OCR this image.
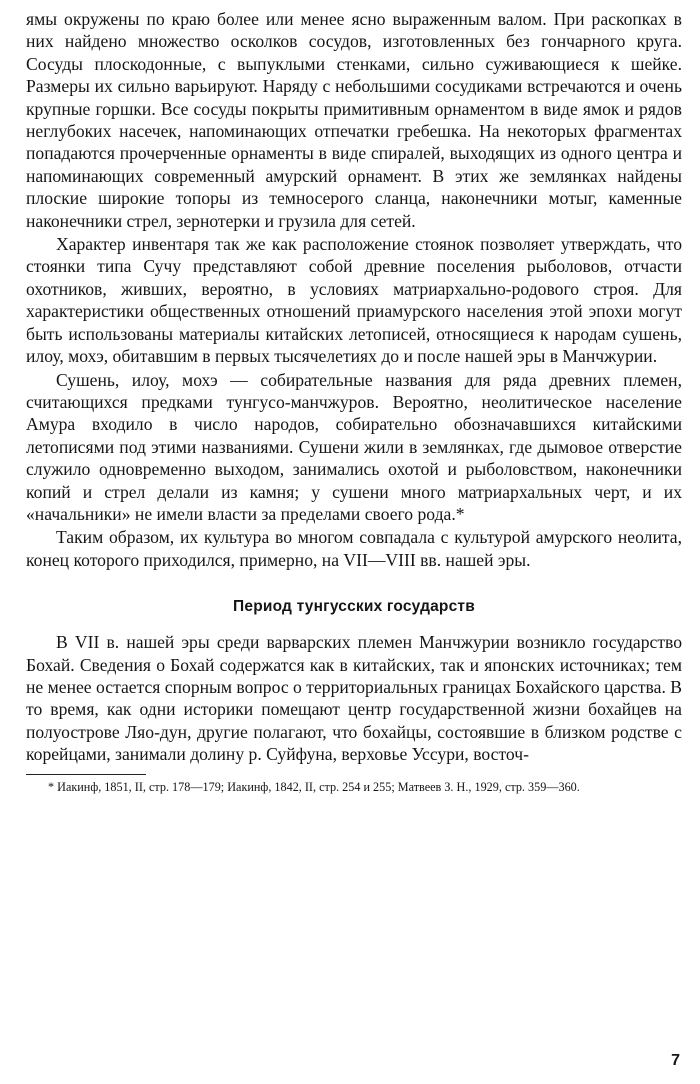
ямы окружены по краю более или менее ясно выраженным валом. При раскопках в них найдено множество осколков сосудов, изготовленных без гончарного круга. Сосуды плоскодонные, с выпуклыми стенками, сильно суживающиеся к шейке. Размеры их сильно варьируют. Наряду с небольшими сосудиками встречаются и очень крупные горшки. Все сосуды покрыты примитивным орнаментом в виде ямок и рядов неглубоких насечек, напоминающих отпечатки гребешка. На некоторых фрагментах попадаются прочерченные орнаменты в виде спиралей, выходящих из одного центра и напоминающих современный амурский орнамент. В этих же землянках найдены плоские широкие топоры из темносерого сланца, наконечники мотыг, каменные наконечники стрел, зернотерки и грузила для сетей.

Характер инвентаря так же как расположение стоянок позволяет утверждать, что стоянки типа Сучу представляют собой древние поселения рыболовов, отчасти охотников, живших, вероятно, в условиях матриархально-родового строя. Для характеристики общественных отношений приамурского населения этой эпохи могут быть использованы материалы китайских летописей, относящиеся к народам сушень, илоу, мохэ, обитавшим в первых тысячелетиях до и после нашей эры в Манчжурии.

Сушень, илоу, мохэ — собирательные названия для ряда древних племен, считающихся предками тунгусо-манчжуров. Вероятно, неолитическое население Амура входило в число народов, собирательно обозначавшихся китайскими летописями под этими названиями. Сушени жили в землянках, где дымовое отверстие служило одновременно выходом, занимались охотой и рыболовством, наконечники копий и стрел делали из камня; у сушени много матриархальных черт, и их «начальники» не имели власти за пределами своего рода.*

Таким образом, их культура во многом совпадала с культурой амурского неолита, конец которого приходился, примерно, на VII—VIII вв. нашей эры.

Период тунгусских государств

В VII в. нашей эры среди варварских племен Манчжурии возникло государство Бохай. Сведения о Бохай содержатся как в китайских, так и японских источниках; тем не менее остается спорным вопрос о территориальных границах Бохайского царства. В то время, как одни историки помещают центр государственной жизни бохайцев на полуострове Ляо-дун, другие полагают, что бохайцы, состоявшие в близком родстве с корейцами, занимали долину р. Суйфуна, верховье Уссури, восточ-

* Иакинф, 1851, II, стр. 178—179; Иакинф, 1842, II, стр. 254 и 255; Матвеев З. Н., 1929, стр. 359—360.

7
